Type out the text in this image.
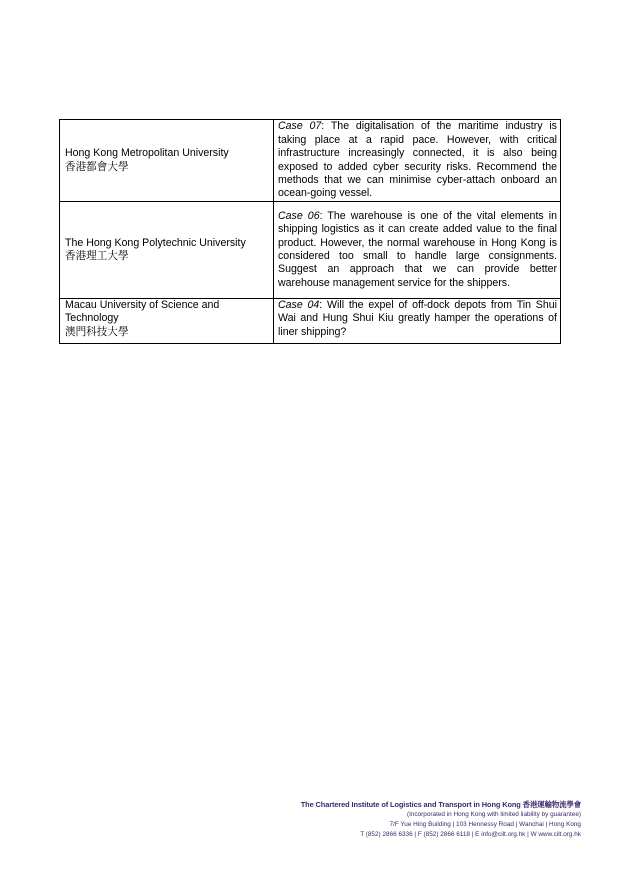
Hong Kong Metropolitan University
香港都會大學	Case 07: The digitalisation of the maritime industry is taking place at a rapid pace. However, with critical infrastructure increasingly connected, it is also being exposed to added cyber security risks. Recommend the methods that we can minimise cyber-attach onboard an ocean-going vessel.

The Hong Kong Polytechnic University
香港理工大學	Case 06: The warehouse is one of the vital elements in shipping logistics as it can create added value to the final product. However, the normal warehouse in Hong Kong is considered too small to handle large consignments. Suggest an approach that we can provide better warehouse management service for the shippers.

Macau University of Science and Technology
澳門科技大學	Case 04: Will the expel of off-dock depots from Tin Shui Wai and Hung Shui Kiu greatly hamper the operations of liner shipping?
The Chartered Institute of Logistics and Transport in Hong Kong 香港運輸物流學會
(Incorporated in Hong Kong with limited liability by guarantee)
7/F Yue Hing Building | 103 Hennessy Road | Wanchai | Hong Kong
T (852) 2866 6336 | F (852) 2866 6118 | E info@cilt.org.hk | W www.cilt.org.hk
